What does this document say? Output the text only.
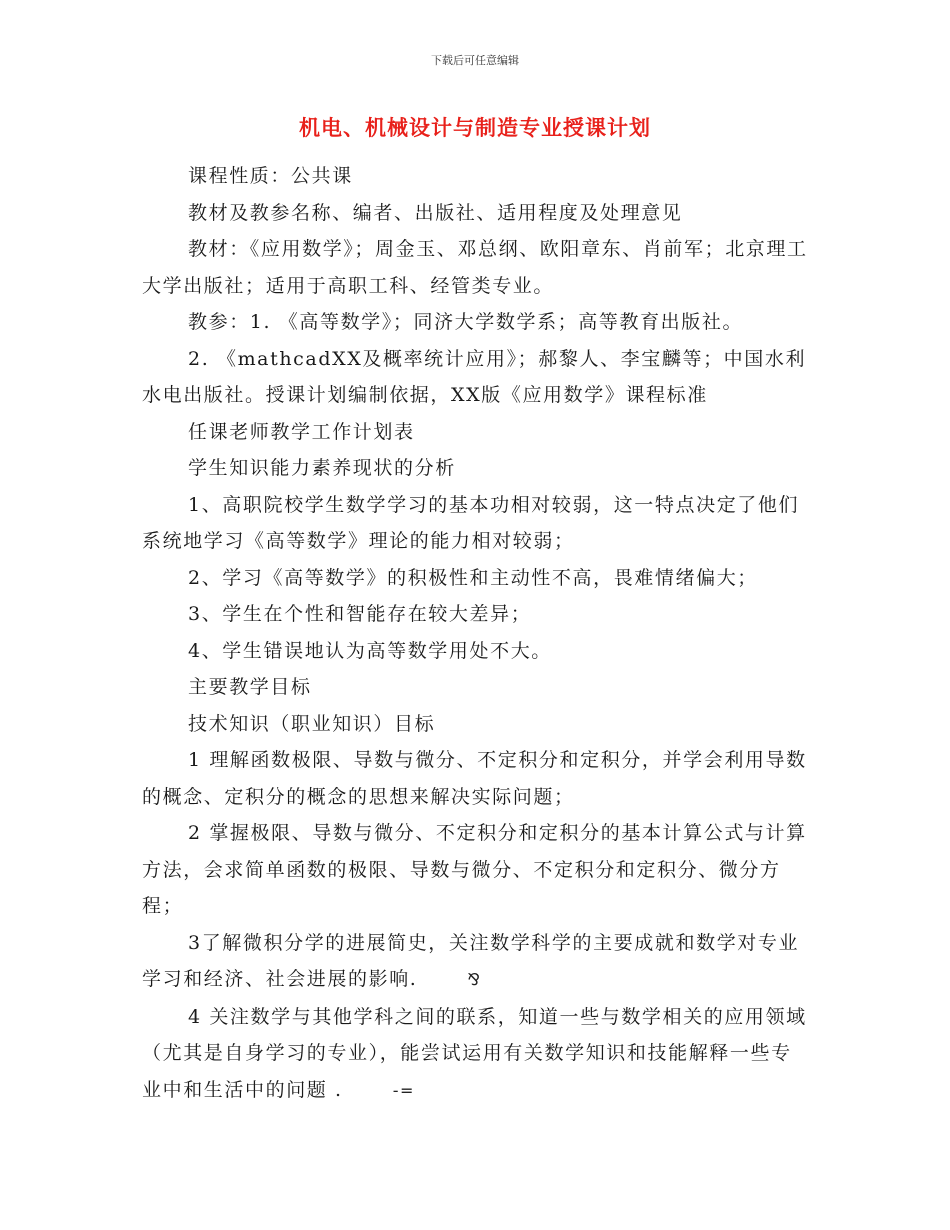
下载后可任意编辑
机电、机械设计与制造专业授课计划

课程性质：公共课

教材及教参名称、编者、出版社、适用程度及处理意见

教材：《应用数学》；周金玉、邓总纲、欧阳章东、肖前军；北京理工大学出版社；适用于高职工科、经管类专业。

教参：1. 《高等数学》；同济大学数学系；高等教育出版社。

2. 《mathcadXX及概率统计应用》；郝黎人、李宝麟等；中国水利水电出版社。授课计划编制依据，XX版《应用数学》课程标准

任课老师教学工作计划表

学生知识能力素养现状的分析

1、高职院校学生数学学习的基本功相对较弱，这一特点决定了他们系统地学习《高等数学》理论的能力相对较弱；

2、学习《高等数学》的积极性和主动性不高，畏难情绪偏大；

3、学生在个性和智能存在较大差异；

4、学生错误地认为高等数学用处不大。

主要教学目标

技术知识（职业知识）目标

1 理解函数极限、导数与微分、不定积分和定积分，并学会利用导数的概念、定积分的概念的思想来解决实际问题；

2 掌握极限、导数与微分、不定积分和定积分的基本计算公式与计算方法，会求简单函数的极限、导数与微分、不定积分和定积分、微分方程；

3了解微积分学的进展简史，关注数学科学的主要成就和数学对专业学习和经济、社会进展的影响.	⅋

4 关注数学与其他学科之间的联系，知道一些与数学相关的应用领域（尤其是自身学习的专业），能尝试运用有关数学知识和技能解释一些专业中和生活中的问题 .	-=
